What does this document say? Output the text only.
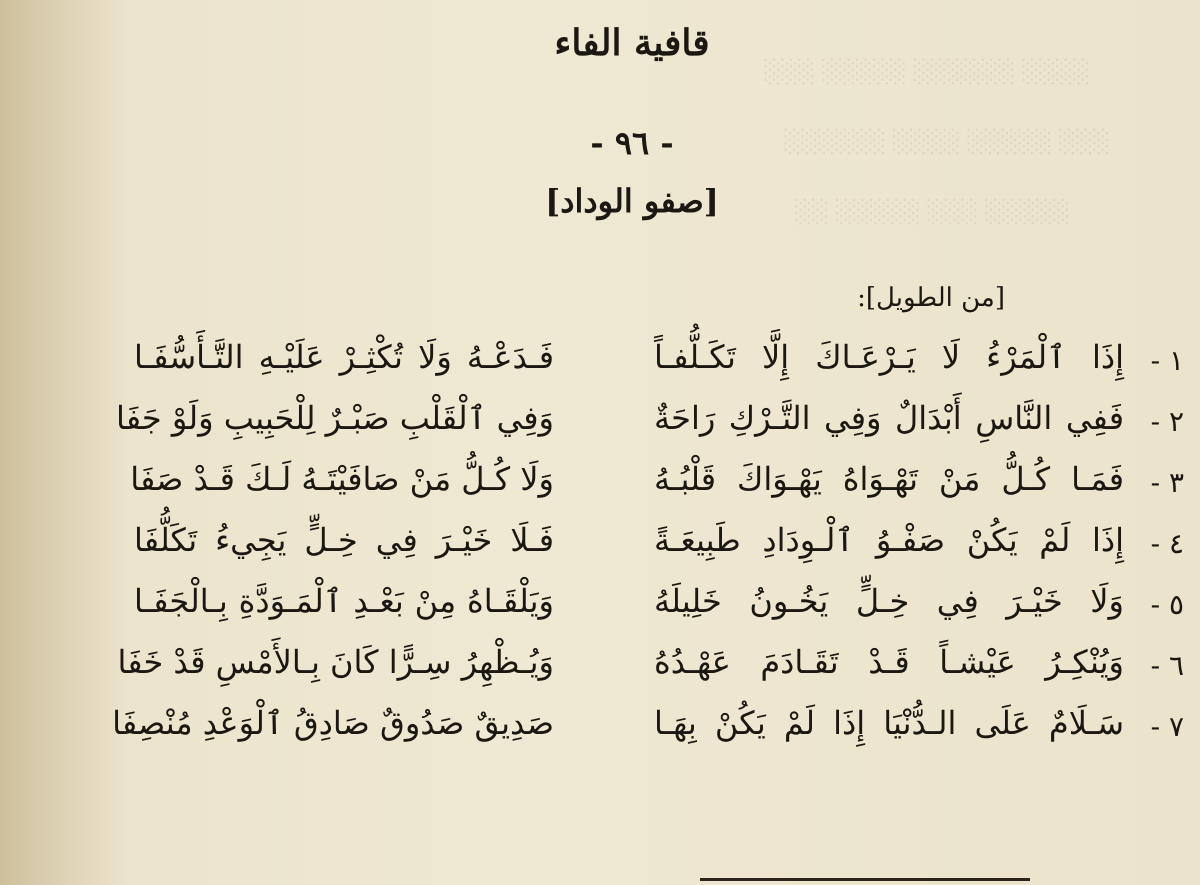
░░░░ ░░░░░░ ░░░░░ ░░░
░░░ ░░░░░ ░░░░ ░░░░░░
░░░░░ ░░░ ░░░░░ ░░
قافية الفاء
- ٩٦ -
[صفو الوداد]
[من الطويل]:
١ -
إِذَا ٱلْمَرْءُ لَا يَـرْعَـاكَ إِلَّا تَكَـلُّفـاً
فَـدَعْـهُ وَلَا تُكْثِـرْ عَلَيْـهِ التَّـأَسُّفَـا
٢ -
فَفِي النَّاسِ أَبْدَالٌ وَفِي التَّـرْكِ رَاحَةٌ
وَفِي ٱلْقَلْبِ صَبْـرٌ لِلْحَبِيبِ وَلَوْ جَفَا
٣ -
فَمَـا كُـلُّ مَنْ تَهْـوَاهُ يَهْـوَاكَ قَلْبُـهُ
وَلَا كُـلُّ مَنْ صَافَيْتَـهُ لَـكَ قَـدْ صَفَا
٤ -
إِذَا لَمْ يَكُنْ صَفْـوُ ٱلْـوِدَادِ طَبِيعَـةً
فَـلَا خَيْـرَ فِي خِـلٍّ يَجِيءُ تَكَلُّفَا
٥ -
وَلَا خَيْـرَ فِي خِـلٍّ يَخُـونُ خَلِيلَهُ
وَيَلْقَـاهُ مِنْ بَعْـدِ ٱلْمَـوَدَّةِ بِـالْجَفَـا
٦ -
وَيُنْكِـرُ عَيْشـاً قَـدْ تَقَـادَمَ عَهْـدُهُ
وَيُـظْهِرُ سِـرًّا كَانَ بِـالأَمْسِ قَدْ خَفَا
٧ -
سَـلَامٌ عَلَى الـدُّنْيَا إِذَا لَمْ يَكُنْ بِهَـا
صَدِيقٌ صَدُوقٌ صَادِقُ ٱلْوَعْدِ مُنْصِفَا
